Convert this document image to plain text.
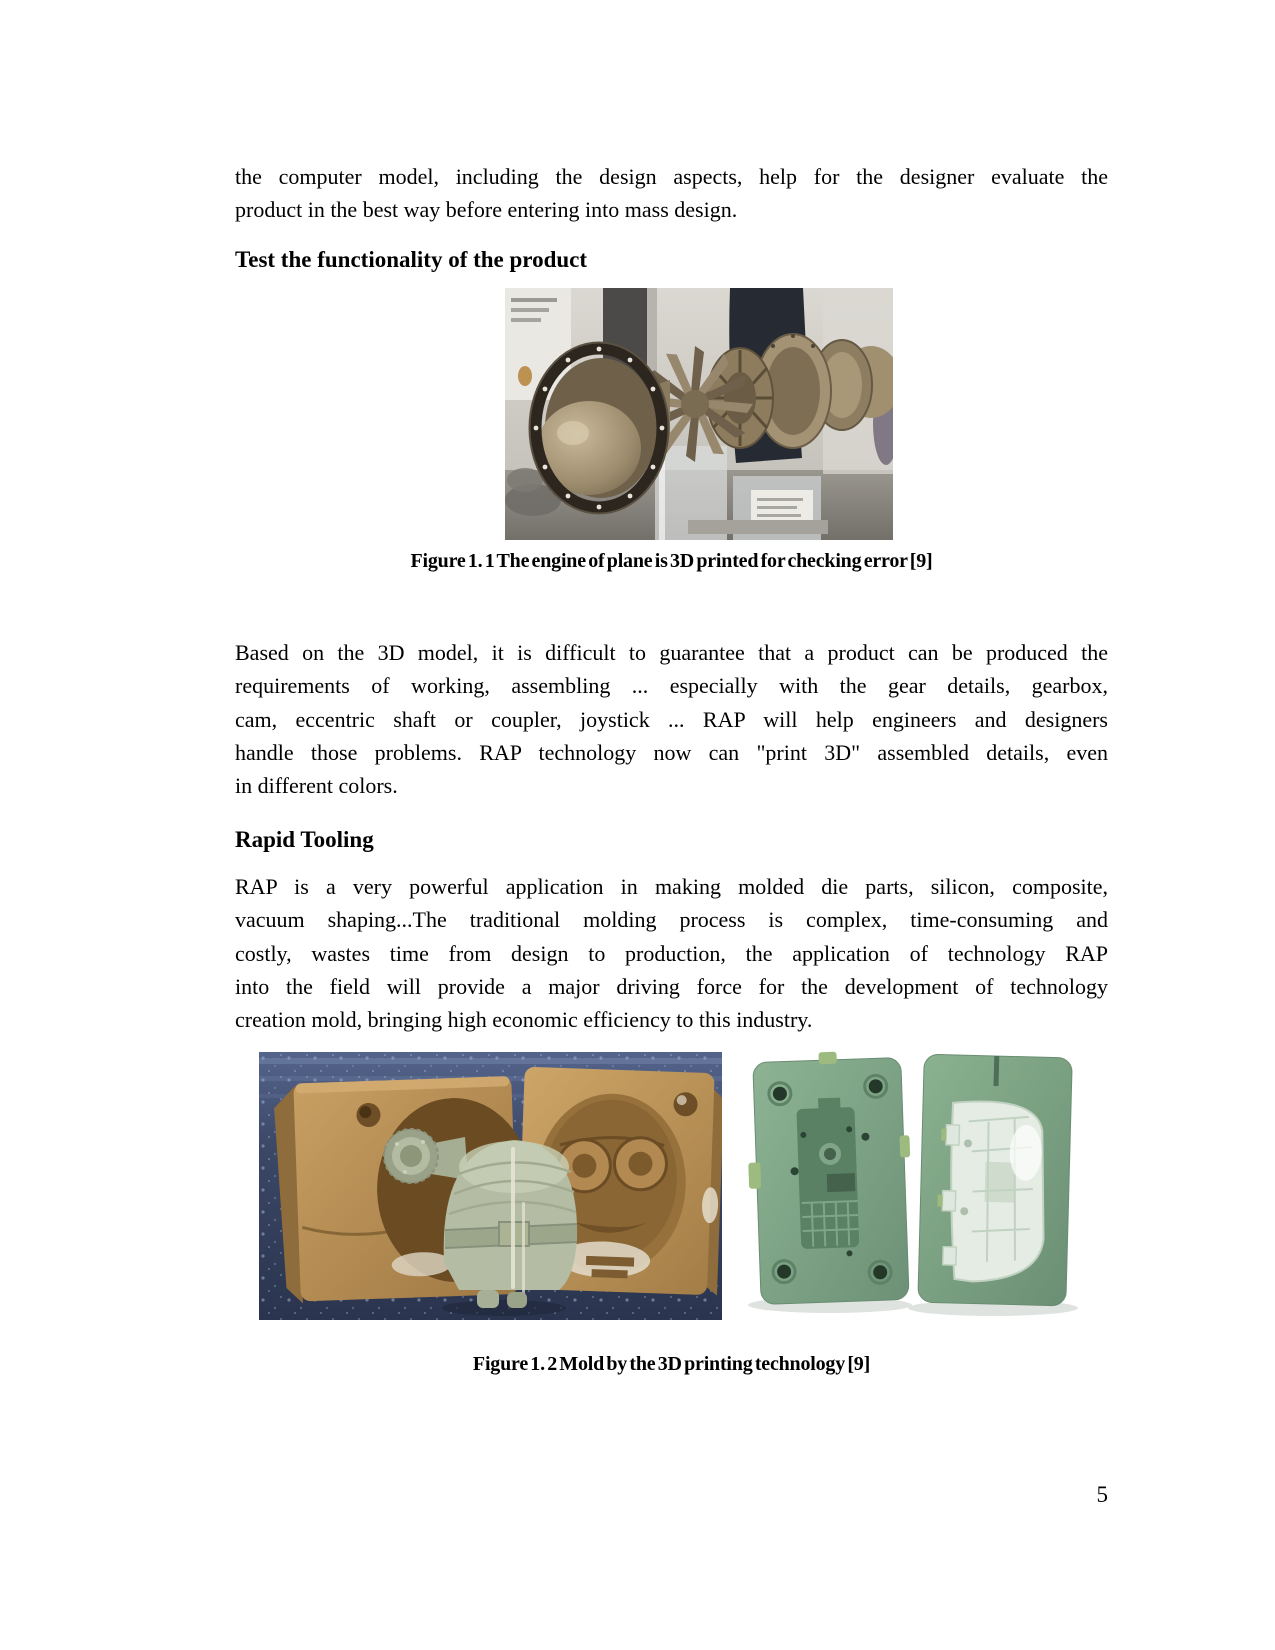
the computer model, including the design aspects, help for the designer evaluate the
product in the best way before entering into mass design.
Test the functionality of the product
Figure 1. 1 The engine of plane is 3D printed for checking error [9]
Based on the 3D model, it is difficult to guarantee that a product can be produced the
requirements of working, assembling ... especially with the gear details, gearbox,
cam, eccentric shaft or coupler, joystick ... RAP will help engineers and designers
handle those problems. RAP technology now can "print 3D" assembled details, even
in different colors.
Rapid Tooling
RAP is a very powerful application in making molded die parts, silicon, composite,
vacuum shaping...The traditional molding process is complex, time-consuming and
costly, wastes time from design to production, the application of technology RAP
into the field will provide a major driving force for the development of technology
creation mold, bringing high economic efficiency to this industry.
Figure 1. 2 Mold by the 3D printing technology [9]
5
